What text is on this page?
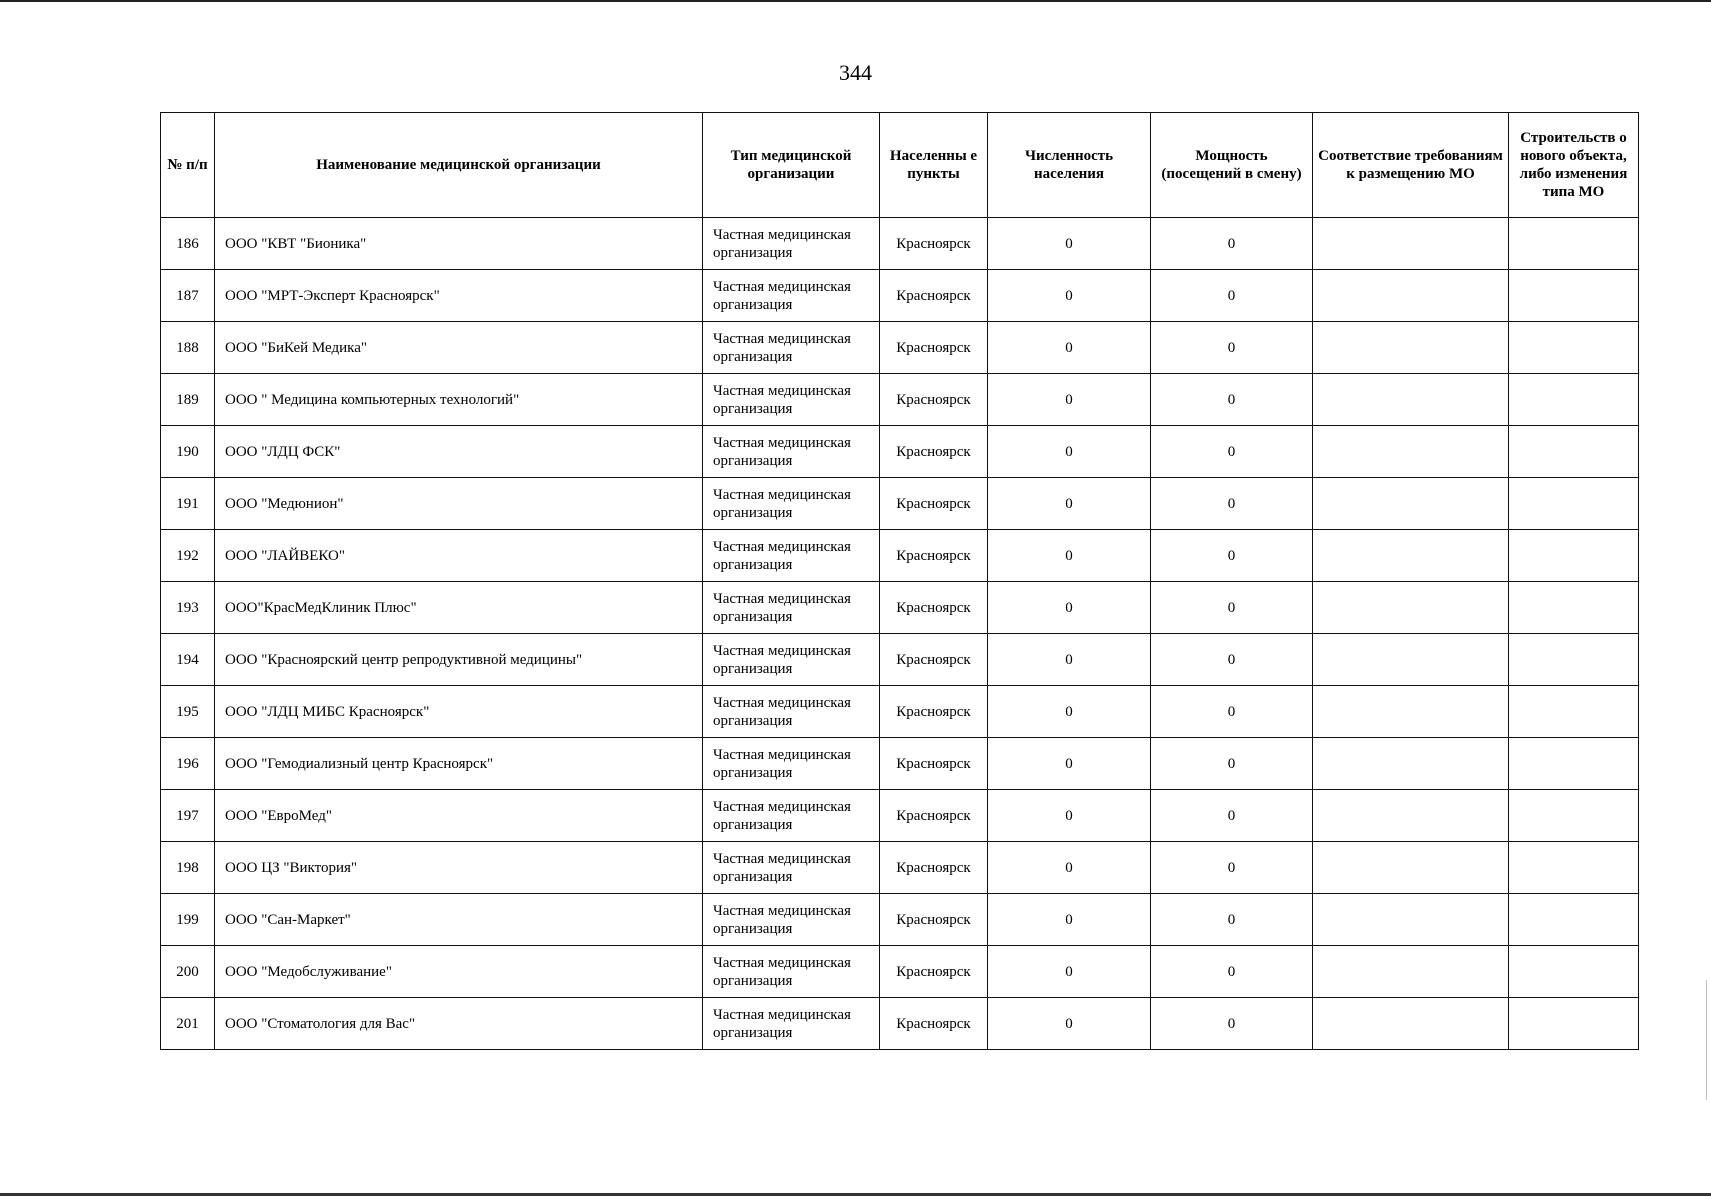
344
№ п/п	Наименование медицинской организации	Тип медицинской организации	Населенны е пункты	Численность населения	Мощность (посещений в смену)	Соответствие требованиям к размещению МО	Строительств о нового объекта, либо изменения типа МО
186	ООО "КВТ "Бионика"	Частная медицинская организация	Красноярск	0	0		
187	ООО "МРТ-Эксперт Красноярск"	Частная медицинская организация	Красноярск	0	0		
188	ООО "БиКей Медика"	Частная медицинская организация	Красноярск	0	0		
189	ООО " Медицина компьютерных технологий"	Частная медицинская организация	Красноярск	0	0		
190	ООО "ЛДЦ ФСК"	Частная медицинская организация	Красноярск	0	0		
191	ООО "Медюнион"	Частная медицинская организация	Красноярск	0	0		
192	ООО "ЛАЙВЕКО"	Частная медицинская организация	Красноярск	0	0		
193	ООО"КрасМедКлиник Плюс"	Частная медицинская организация	Красноярск	0	0		
194	ООО "Красноярский центр репродуктивной медицины"	Частная медицинская организация	Красноярск	0	0		
195	ООО "ЛДЦ МИБС Красноярск"	Частная медицинская организация	Красноярск	0	0		
196	ООО "Гемодиализный центр Красноярск"	Частная медицинская организация	Красноярск	0	0		
197	ООО "ЕвроМед"	Частная медицинская организация	Красноярск	0	0		
198	ООО ЦЗ "Виктория"	Частная медицинская организация	Красноярск	0	0		
199	ООО "Сан-Маркет"	Частная медицинская организация	Красноярск	0	0		
200	ООО "Медобслуживание"	Частная медицинская организация	Красноярск	0	0		
201	ООО "Стоматология для Вас"	Частная медицинская организация	Красноярск	0	0		
